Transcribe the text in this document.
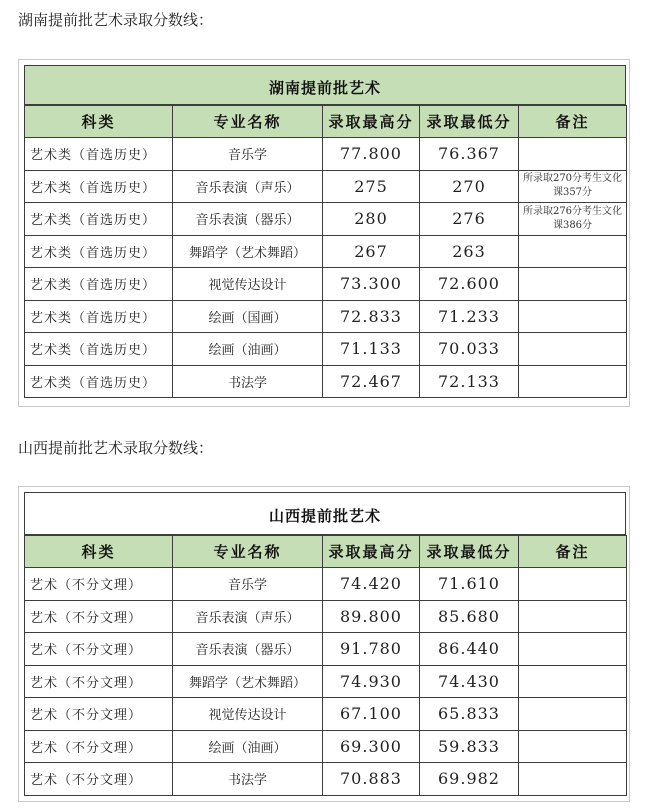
湖南提前批艺术录取分数线：
湖南提前批艺术
科类	专业名称	录取最高分	录取最低分	备注
艺术类（首选历史）	音乐学	77.800	76.367	
艺术类（首选历史）	音乐表演（声乐）	275	270	所录取270分考生文化课357分
艺术类（首选历史）	音乐表演（器乐）	280	276	所录取276分考生文化课386分
艺术类（首选历史）	舞蹈学（艺术舞蹈）	267	263	
艺术类（首选历史）	视觉传达设计	73.300	72.600	
艺术类（首选历史）	绘画（国画）	72.833	71.233	
艺术类（首选历史）	绘画（油画）	71.133	70.033	
艺术类（首选历史）	书法学	72.467	72.133	
山西提前批艺术录取分数线：
山西提前批艺术
科类	专业名称	录取最高分	录取最低分	备注
艺术（不分文理）	音乐学	74.420	71.610	
艺术（不分文理）	音乐表演（声乐）	89.800	85.680	
艺术（不分文理）	音乐表演（器乐）	91.780	86.440	
艺术（不分文理）	舞蹈学（艺术舞蹈）	74.930	74.430	
艺术（不分文理）	视觉传达设计	67.100	65.833	
艺术（不分文理）	绘画（油画）	69.300	59.833	
艺术（不分文理）	书法学	70.883	69.982	
